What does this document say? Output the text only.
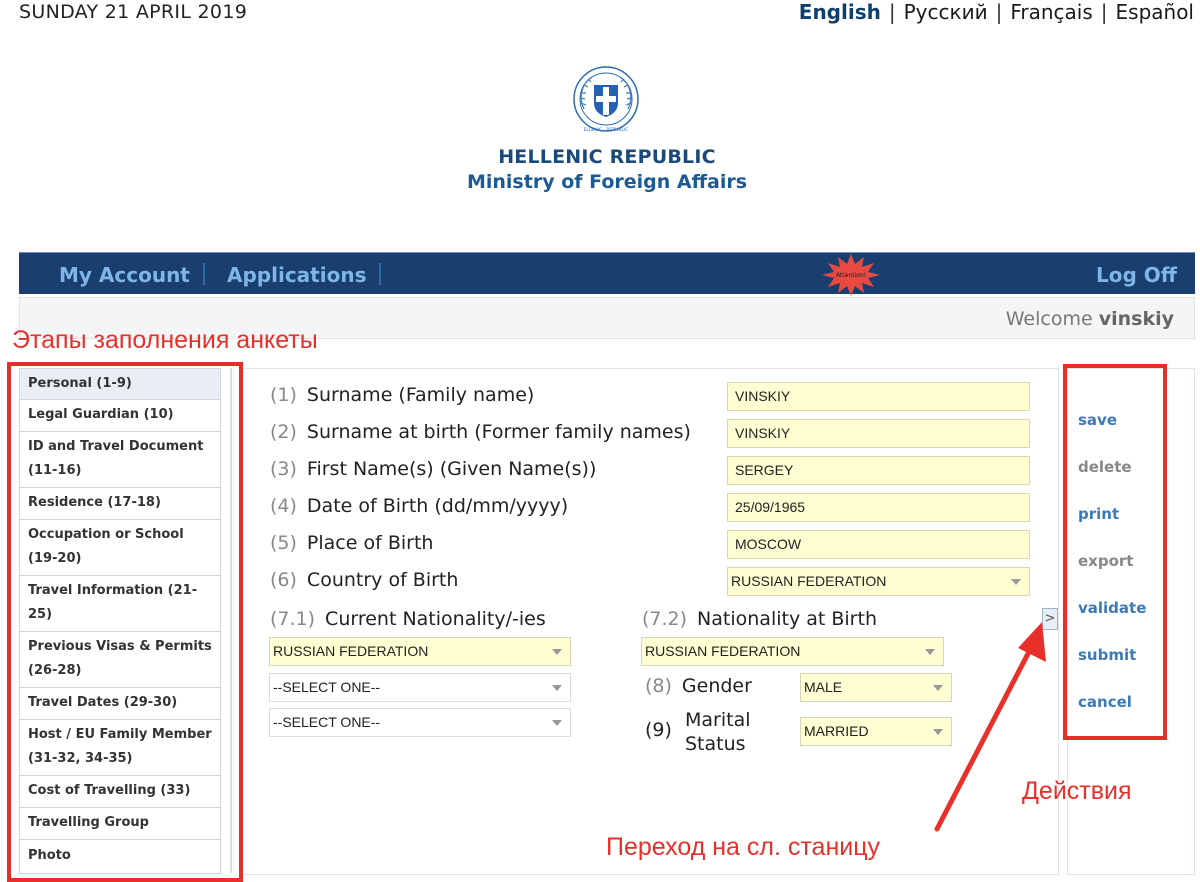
SUNDAY 21 APRIL 2019	English | Русский | Français | Español
ELLENIC · REPUBLIC
HELLENIC REPUBLIC
Ministry of Foreign Affairs
My Account Applications	Log Off
Attention!
Welcome vinskiy
Personal (1-9)
Legal Guardian (10)
ID and Travel Document (11-16)
Residence (17-18)
Occupation or School (19-20)
Travel Information (21-25)
Previous Visas & Permits (26-28)
Travel Dates (29-30)
Host / EU Family Member (31-32, 34-35)
Cost of Travelling (33)
Travelling Group
Photo
(1) Surname (Family name)	VINSKIY
(2) Surname at birth (Former family names)	VINSKIY
(3) First Name(s) (Given Name(s))	SERGEY
(4) Date of Birth (dd/mm/yyyy)	25/09/1965
(5) Place of Birth	MOSCOW
(6) Country of Birth	RUSSIAN FEDERATION
(7.1) Current Nationality/-ies
RUSSIAN FEDERATION
--SELECT ONE--
--SELECT ONE--
(7.2) Nationality at Birth
RUSSIAN FEDERATION
(8) Gender	MALE
(9) Marital
Status
MARRIED
>
save
delete
print
export
validate
submit
cancel
Этапы заполнения анкеты
Действия
Переход на сл. станицу
